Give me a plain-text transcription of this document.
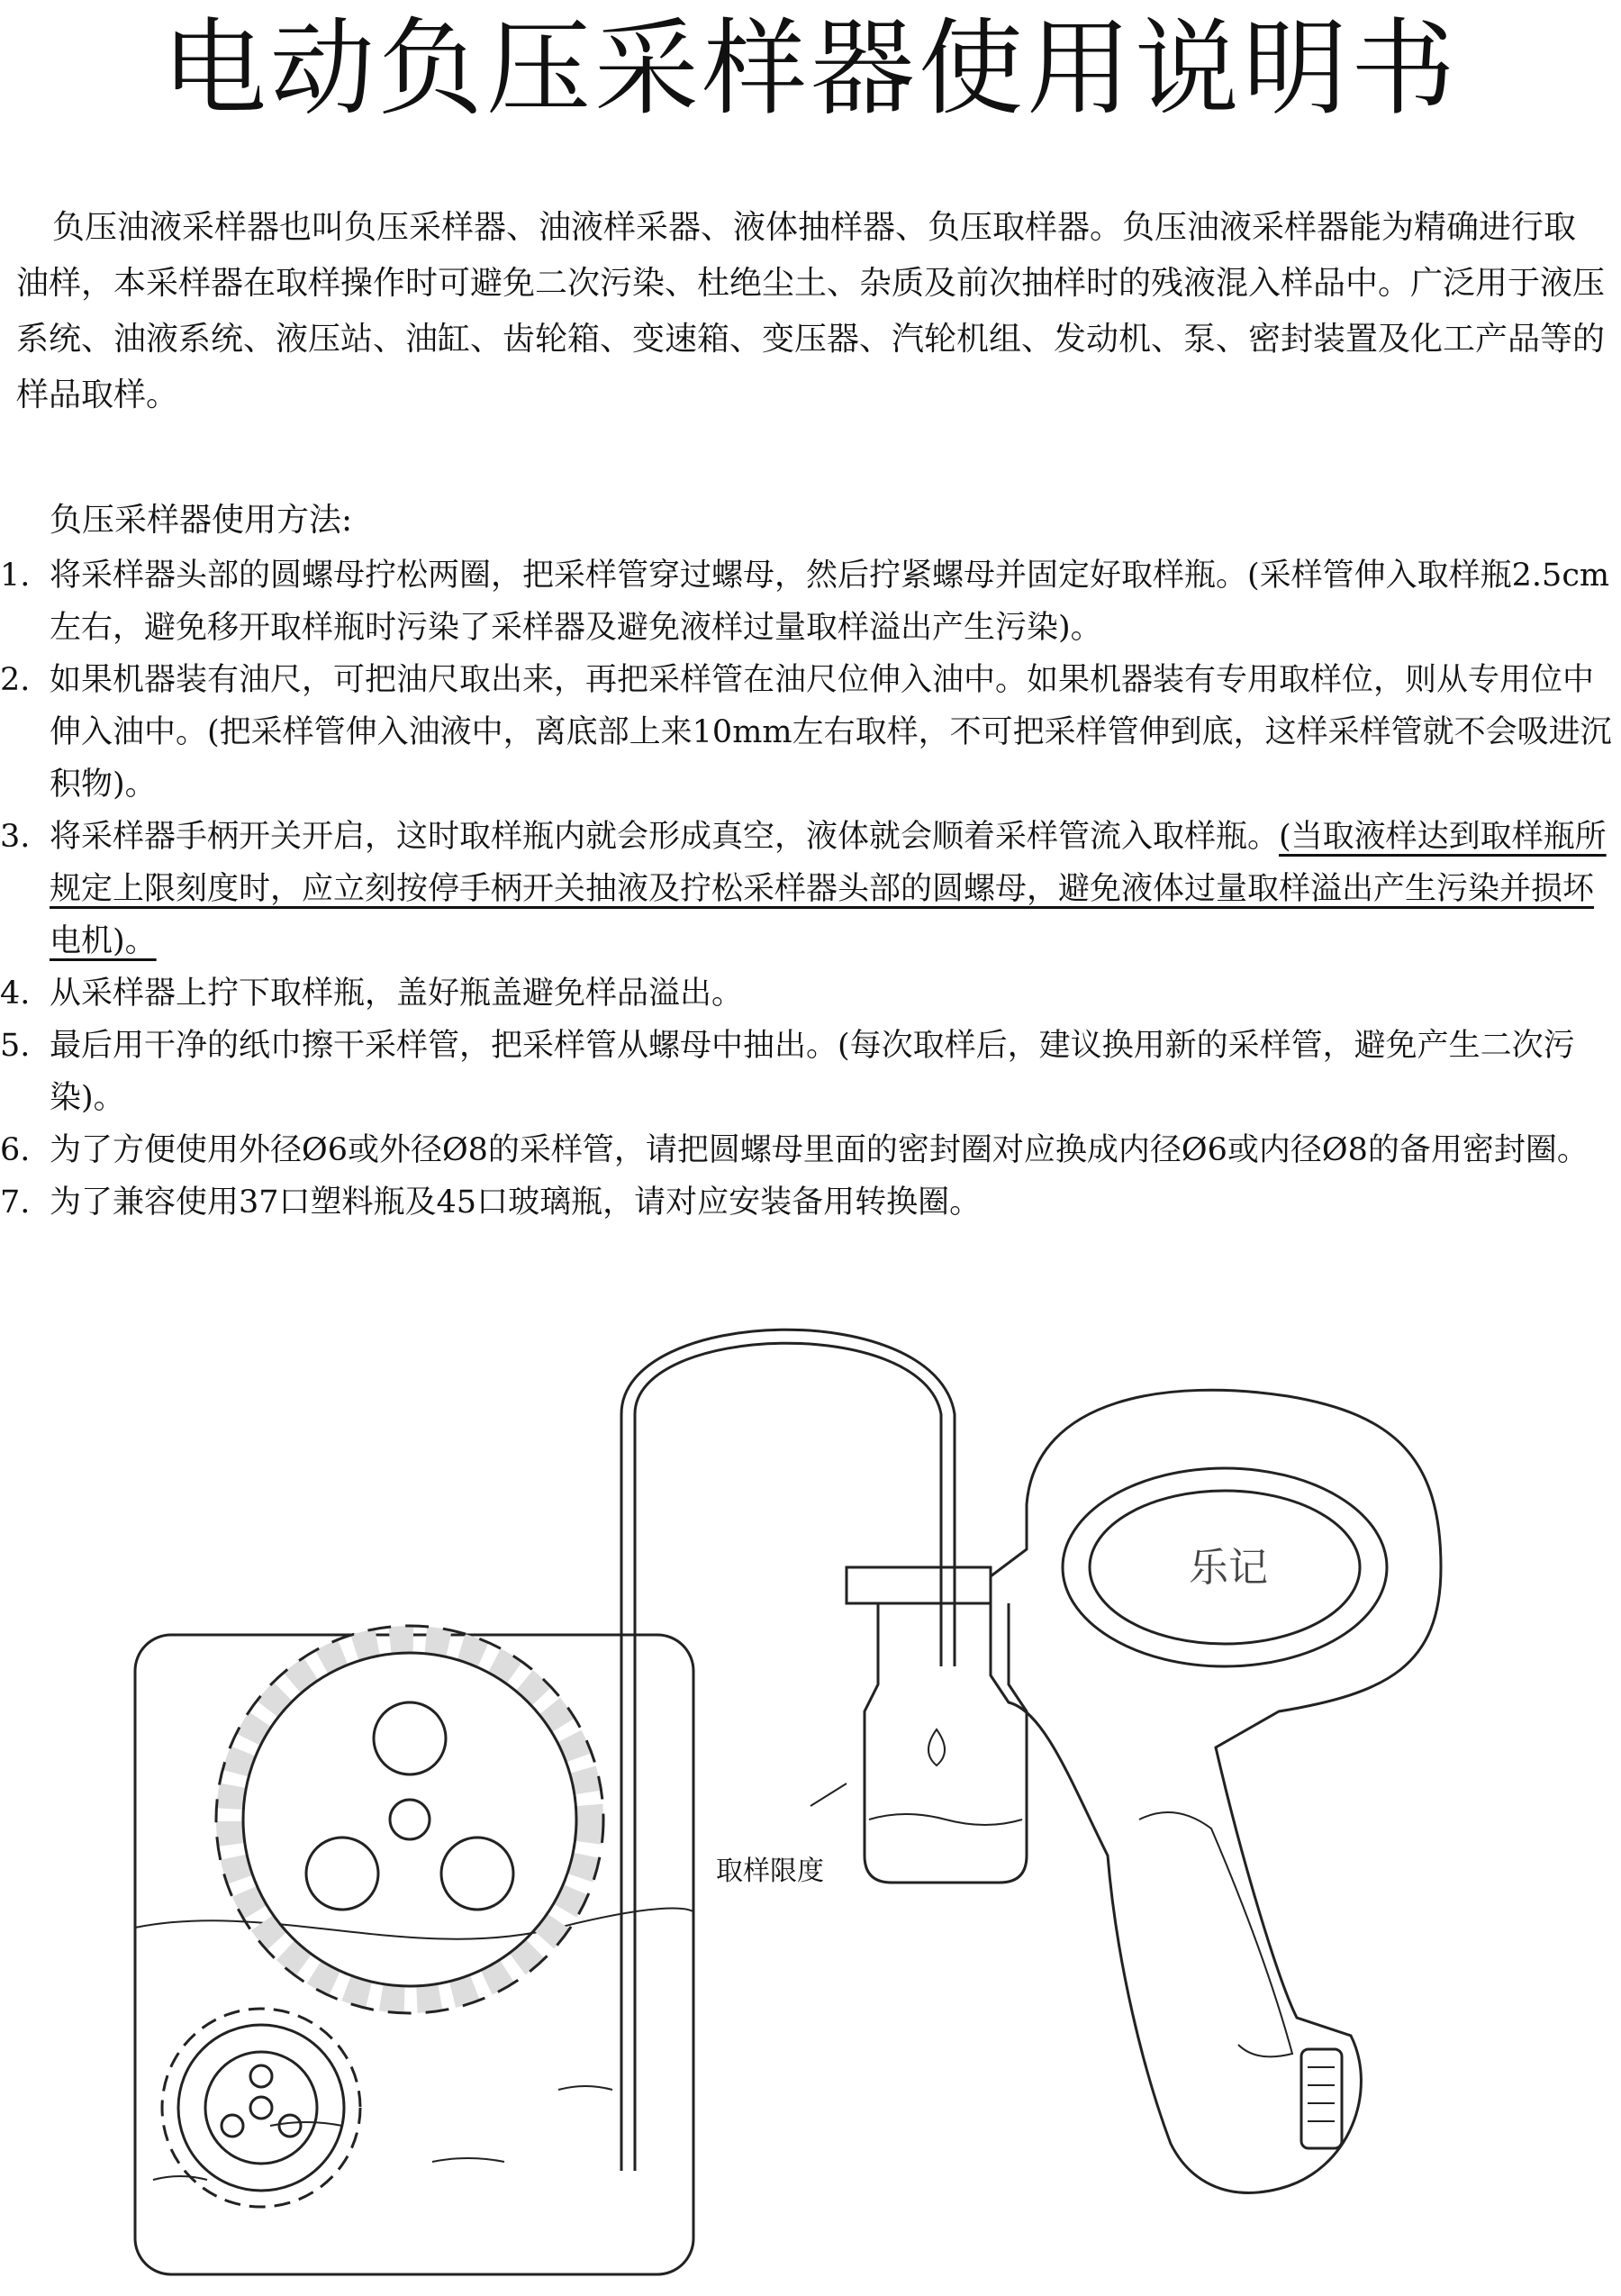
电动负压采样器使用说明书

负压油液采样器也叫负压采样器、油液样采器、液体抽样器、负压取样器。负压油液采样器能为精确进行取油样，本采样器在取样操作时可避免二次污染、杜绝尘土、杂质及前次抽样时的残液混入样品中。广泛用于液压系统、油液系统、液压站、油缸、齿轮箱、变速箱、变压器、汽轮机组、发动机、泵、密封装置及化工产品等的样品取样。

负压采样器使用方法:
1. 将采样器头部的圆螺母拧松两圈，把采样管穿过螺母，然后拧紧螺母并固定好取样瓶。(采样管伸入取样瓶2.5cm左右，避免移开取样瓶时污染了采样器及避免液样过量取样溢出产生污染)。
2. 如果机器装有油尺，可把油尺取出来，再把采样管在油尺位伸入油中。如果机器装有专用取样位，则从专用位中伸入油中。(把采样管伸入油液中，离底部上来10mm左右取样，不可把采样管伸到底，这样采样管就不会吸进沉积物)。
3. 将采样器手柄开关开启，这时取样瓶内就会形成真空，液体就会顺着采样管流入取样瓶。(当取液样达到取样瓶所规定上限刻度时，应立刻按停手柄开关抽液及拧松采样器头部的圆螺母，避免液体过量取样溢出产生污染并损坏电机)。
4. 从采样器上拧下取样瓶，盖好瓶盖避免样品溢出。
5. 最后用干净的纸巾擦干采样管，把采样管从螺母中抽出。(每次取样后，建议换用新的采样管，避免产生二次污染)。
6. 为了方便使用外径Ø6或外径Ø8的采样管，请把圆螺母里面的密封圈对应换成内径Ø6或内径Ø8的备用密封圈。
7. 为了兼容使用37口塑料瓶及45口玻璃瓶，请对应安装备用转换圈。
乐记
取样限度
